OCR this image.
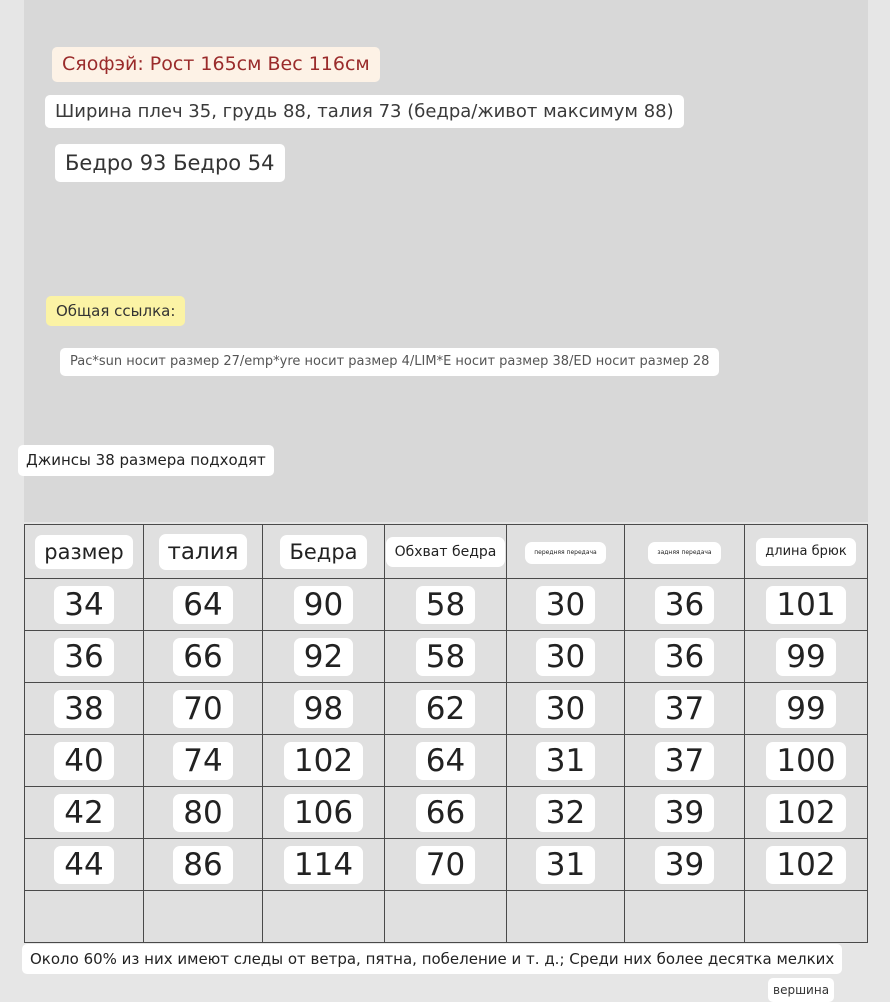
Сяофэй: Рост 165см Вес 116см
Ширина плеч 35, грудь 88, талия 73 (бедра/живот максимум 88)
Бедро 93 Бедро 54
Общая ссылка:
Pac*sun носит размер 27/emp*yre носит размер 4/LIM*E носит размер 38/ED носит размер 28
Джинсы 38 размера подходят
размер	талия	Бедра	Обхват бедра	передняя передача	задняя передача	длина брюк
34	64	90	58	30	36	101
36	66	92	58	30	36	99
38	70	98	62	30	37	99
40	74	102	64	31	37	100
42	80	106	66	32	39	102
44	86	114	70	31	39	102

Около 60% из них имеют следы от ветра, пятна, побеление и т. д.; Среди них более десятка мелких
вершина
